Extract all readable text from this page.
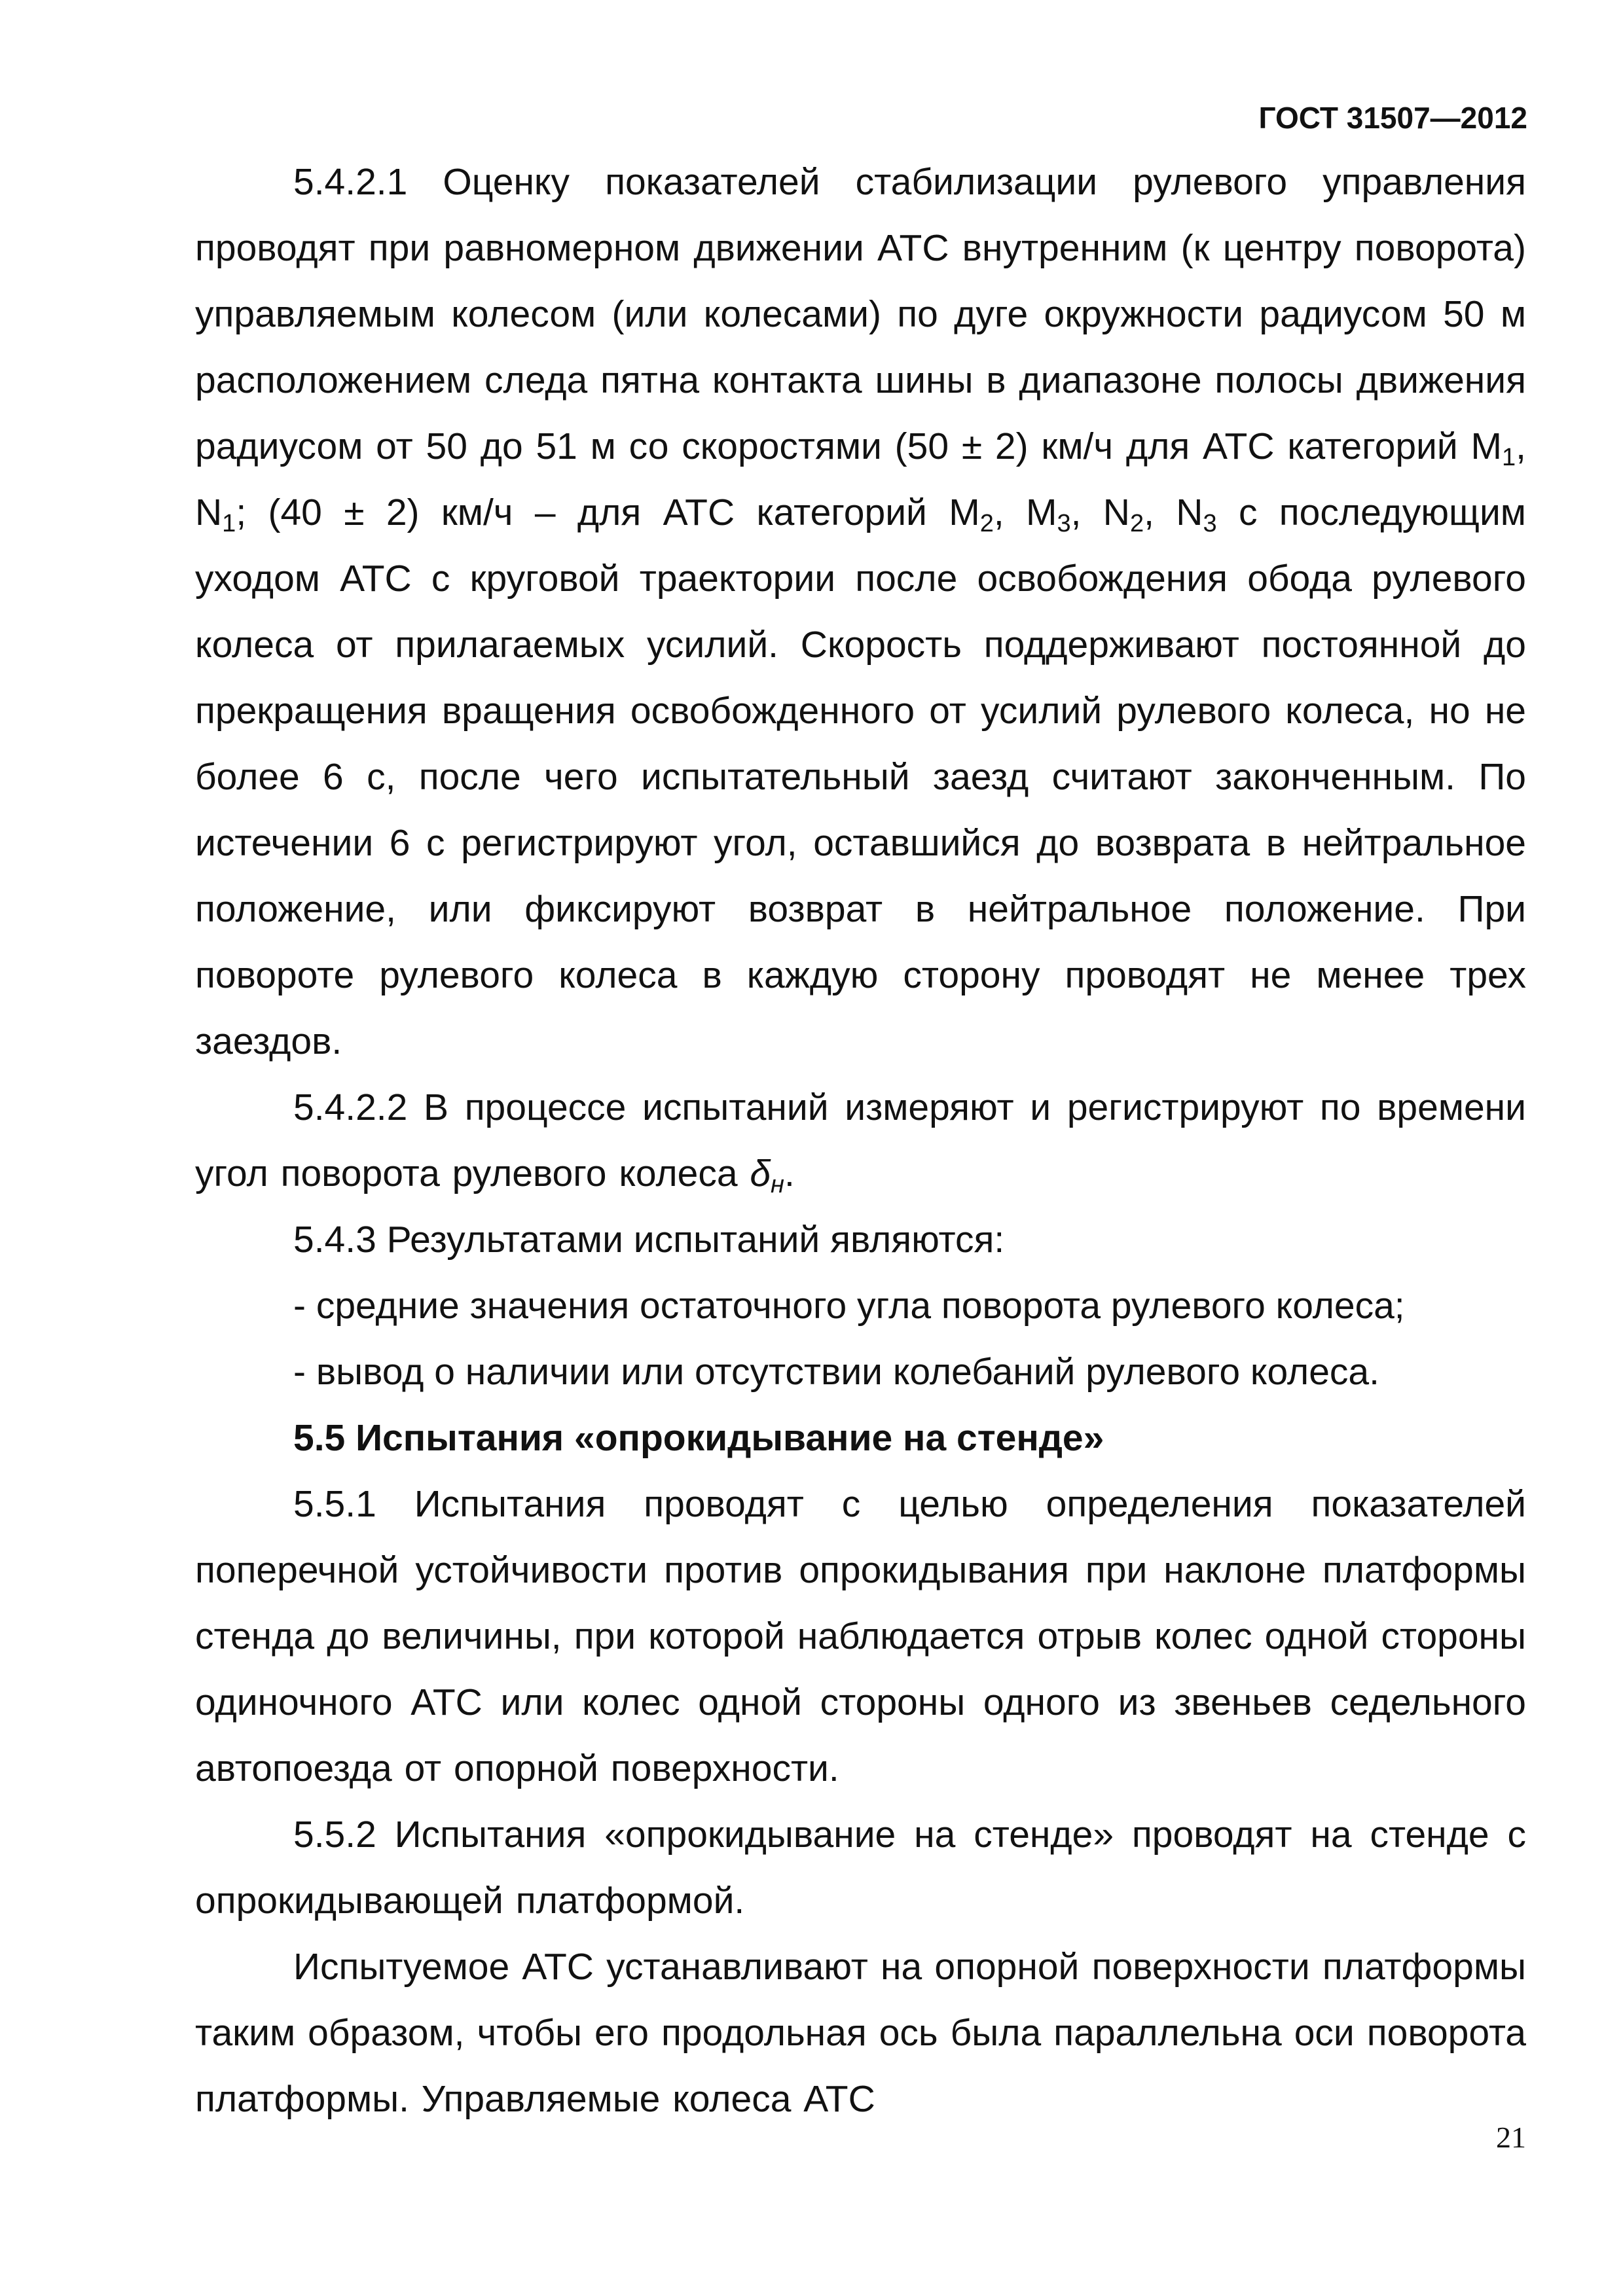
ГОСТ 31507—2012

5.4.2.1 Оценку показателей стабилизации рулевого управления проводят при равномерном движении АТС внутренним (к центру поворота) управляемым колесом (или колесами) по дуге окружности радиусом 50 м расположением следа пятна контакта шины в диапазоне полосы движения радиусом от 50 до 51 м со скоростями (50 ± 2) км/ч для АТС категорий $М_1$, $N_1$; (40 ± 2) км/ч – для АТС категорий $М_2$, $М_3$, $N_2$, $N_3$ с последующим уходом АТС с круговой траектории после освобождения обода рулевого колеса от прилагаемых усилий. Скорость поддерживают постоянной до прекращения вращения освобожденного от усилий рулевого колеса, но не более 6 с, после чего испытательный заезд считают законченным. По истечении 6 с регистрируют угол, оставшийся до возврата в нейтральное положение, или фиксируют возврат в нейтральное положение. При повороте рулевого колеса в каждую сторону проводят не менее трех заездов.

5.4.2.2 В процессе испытаний измеряют и регистрируют по времени угол поворота рулевого колеса $\delta_н$.

5.4.3 Результатами испытаний являются:

- средние значения остаточного угла поворота рулевого колеса;

- вывод о наличии или отсутствии колебаний рулевого колеса.

5.5 Испытания «опрокидывание на стенде»

5.5.1 Испытания проводят с целью определения показателей поперечной устойчивости против опрокидывания при наклоне платформы стенда до величины, при которой наблюдается отрыв колес одной стороны одиночного АТС или колес одной стороны одного из звеньев седельного автопоезда от опорной поверхности.

5.5.2 Испытания «опрокидывание на стенде» проводят на стенде с опрокидывающей платформой.

Испытуемое АТС устанавливают на опорной поверхности платформы таким образом, чтобы его продольная ось была параллельна оси поворота платформы. Управляемые колеса АТС

21
